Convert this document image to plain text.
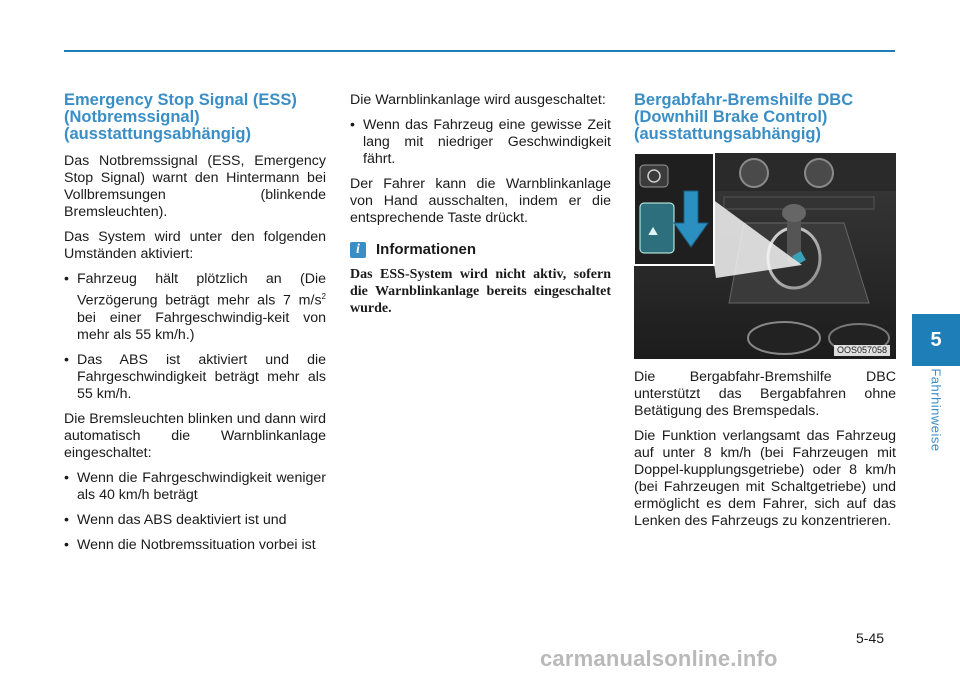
Emergency Stop Signal (ESS)
(Notbremssignal)
(ausstattungsabhängig)

Das Notbremssignal (ESS, Emergency Stop Signal) warnt den Hintermann bei Vollbremsungen (blinkende Bremsleuchten).

Das System wird unter den folgenden Umständen aktiviert:

• Fahrzeug hält plötzlich an (Die Verzögerung beträgt mehr als 7 $m/s^2$ bei einer Fahrgeschwindig-keit von mehr als 55 km/h.)
• Das ABS ist aktiviert und die Fahrgeschwindigkeit beträgt mehr als 55 km/h.

Die Bremsleuchten blinken und dann wird automatisch die Warnblinkanlage eingeschaltet:

• Wenn die Fahrgeschwindigkeit weniger als 40 km/h beträgt
• Wenn das ABS deaktiviert ist und
• Wenn die Notbremssituation vorbei ist

Die Warnblinkanlage wird ausgeschaltet:

• Wenn das Fahrzeug eine gewisse Zeit lang mit niedriger Geschwindigkeit fährt.

Der Fahrer kann die Warnblinkanlage von Hand ausschalten, indem er die entsprechende Taste drückt.

i	Informationen

Das ESS-System wird nicht aktiv, sofern die Warnblinkanlage bereits eingeschaltet wurde.

Bergabfahr-Bremshilfe DBC
(Downhill Brake Control)
(ausstattungsabhängig)
⛰
OOS057058

Die Bergabfahr-Bremshilfe DBC unterstützt das Bergabfahren ohne Betätigung des Bremspedals.

Die Funktion verlangsamt das Fahrzeug auf unter 8 km/h (bei Fahrzeugen mit Doppel-kupplungsgetriebe) oder 8 km/h (bei Fahrzeugen mit Schaltgetriebe) und ermöglicht es dem Fahrer, sich auf das Lenken des Fahrzeugs zu konzentrieren.

5
Fahrhinweise
5-45
carmanualsonline.info
